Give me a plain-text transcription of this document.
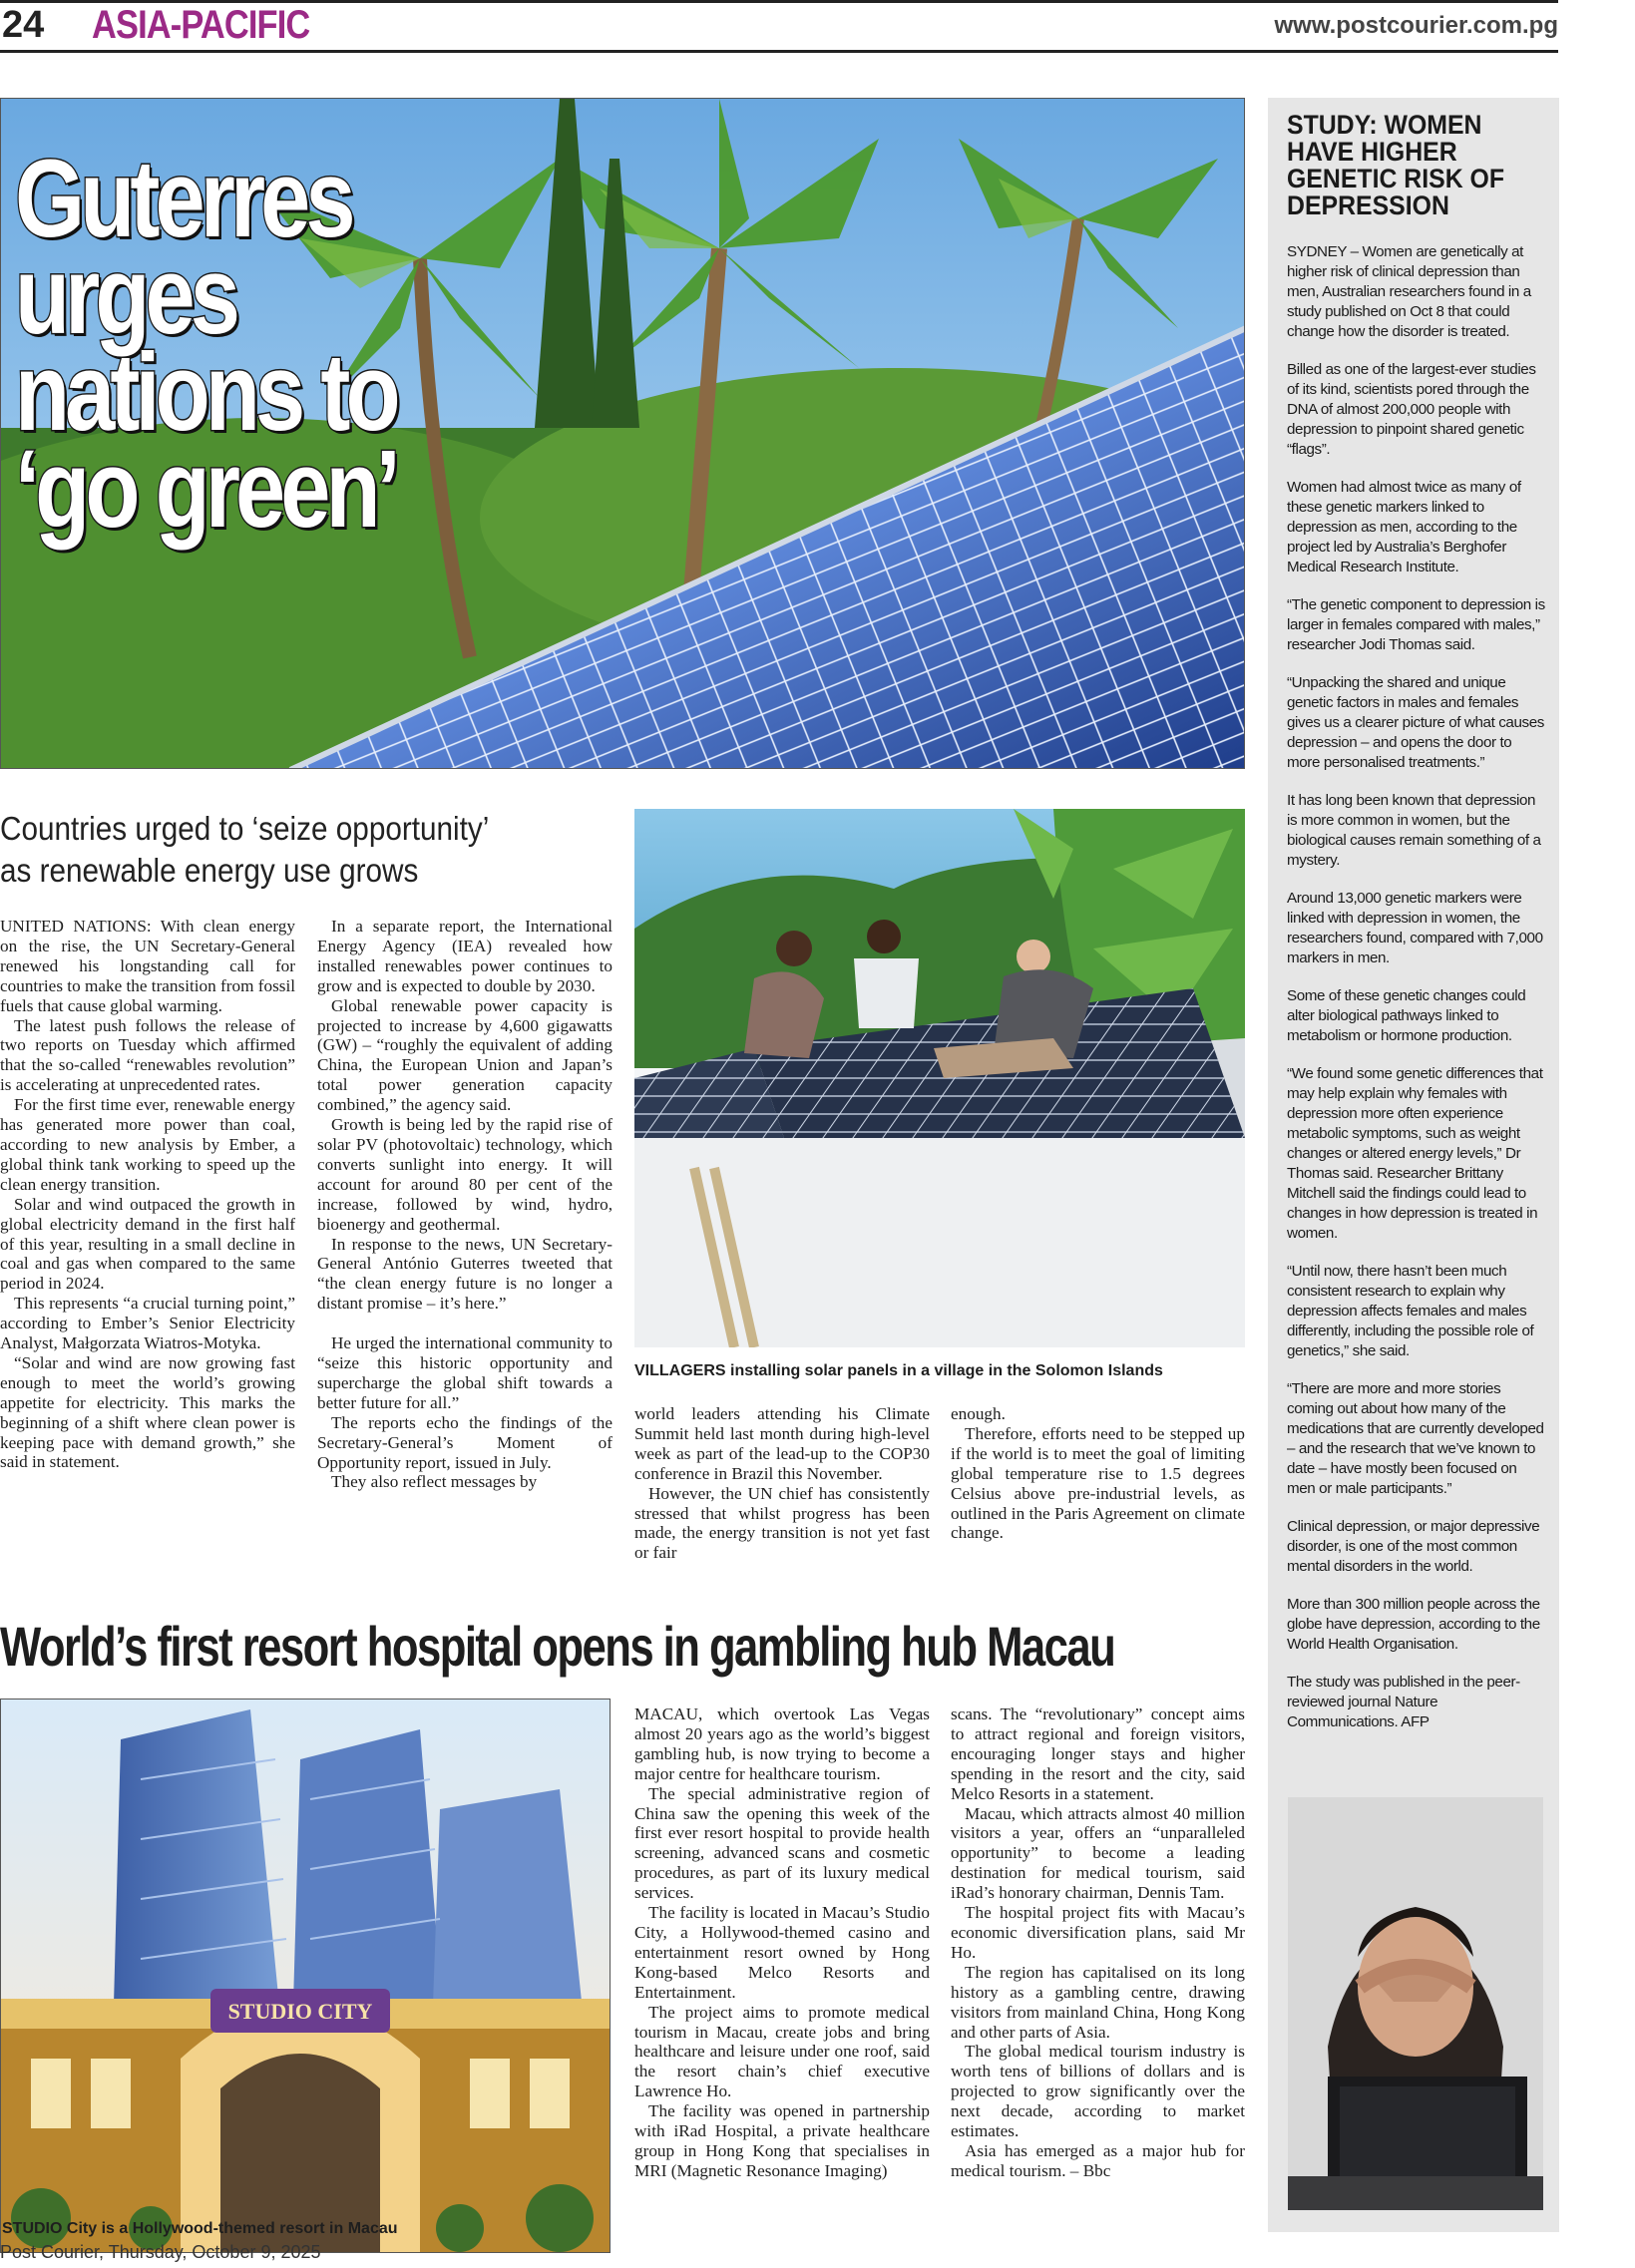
24 ASIA-PACIFIC	www.postcourier.com.pg
Guterres
urges
nations to
‘go green’
Countries urged to ‘seize opportunity’
as renewable energy use grows

UNITED NATIONS: With clean energy on the rise, the UN Secretary-General renewed his longstanding call for countries to make the transition from fossil fuels that cause global warming.

The latest push follows the release of two reports on Tuesday which affirmed that the so-called “renewables revolution” is accelerating at unprecedented rates.

For the first time ever, renewable energy has generated more power than coal, according to new analysis by Ember, a global think tank working to speed up the clean energy transition.

Solar and wind outpaced the growth in global electricity demand in the first half of this year, resulting in a small decline in coal and gas when compared to the same period in 2024.

This represents “a crucial turning point,” according to Ember’s Senior Electricity Analyst, Małgorzata Wiatros-Motyka.

“Solar and wind are now growing fast enough to meet the world’s growing appetite for electricity. This marks the beginning of a shift where clean power is keeping pace with demand growth,” she said in statement.

In a separate report, the International Energy Agency (IEA) revealed how installed renewables power continues to grow and is expected to double by 2030.

Global renewable power capacity is projected to increase by 4,600 gigawatts (GW) – “roughly the equivalent of adding China, the European Union and Japan’s total power generation capacity combined,” the agency said.

Growth is being led by the rapid rise of solar PV (photovoltaic) technology, which converts sunlight into energy. It will account for around 80 per cent of the increase, followed by wind, hydro, bioenergy and geothermal.

In response to the news, UN Secretary-General António Guterres tweeted that “the clean energy future is no longer a distant promise – it’s here.”

He urged the international community to “seize this historic opportunity and supercharge the global shift towards a better future for all.”

The reports echo the findings of the Secretary-General’s Moment of Opportunity report, issued in July.

They also reflect messages by

VILLAGERS installing solar panels in a village in the Solomon Islands

world leaders attending his Climate Summit held last month during high-level week as part of the lead-up to the COP30 conference in Brazil this November.

However, the UN chief has consistently stressed that whilst progress has been made, the energy transition is not yet fast or fair

enough.

Therefore, efforts need to be stepped up if the world is to meet the goal of limiting global temperature rise to 1.5 degrees Celsius above pre-industrial levels, as outlined in the Paris Agreement on climate change.

World’s first resort hospital opens in gambling hub Macau
STUDIO CITY
STUDIO City is a Hollywood-themed resort in Macau

MACAU, which overtook Las Vegas almost 20 years ago as the world’s biggest gambling hub, is now trying to become a major centre for healthcare tourism.

The special administrative region of China saw the opening this week of the first ever resort hospital to provide health screening, advanced scans and cosmetic procedures, as part of its luxury medical services.

The facility is located in Macau’s Studio City, a Hollywood-themed casino and entertainment resort owned by Hong Kong-based Melco Resorts and Entertainment.

The project aims to promote medical tourism in Macau, create jobs and bring healthcare and leisure under one roof, said the resort chain’s chief executive Lawrence Ho.

The facility was opened in partnership with iRad Hospital, a private healthcare group in Hong Kong that specialises in MRI (Magnetic Resonance Imaging)

scans. The “revolutionary” concept aims to attract regional and foreign visitors, encouraging longer stays and higher spending in the resort and the city, said Melco Resorts in a statement.

Macau, which attracts almost 40 million visitors a year, offers an “unparalleled opportunity” to become a leading destination for medical tourism, said iRad’s honorary chairman, Dennis Tam.

The hospital project fits with Macau’s economic diversification plans, said Mr Ho.

The region has capitalised on its long history as a gambling centre, drawing visitors from mainland China, Hong Kong and other parts of Asia.

The global medical tourism industry is worth tens of billions of dollars and is projected to grow significantly over the next decade, according to market estimates.

Asia has emerged as a major hub for medical tourism. – Bbc

Post Courier, Thursday, October 9, 2025
STUDY: WOMEN HAVE HIGHER GENETIC RISK OF DEPRESSION

SYDNEY – Women are genetically at higher risk of clinical depression than men, Australian researchers found in a study published on Oct 8 that could change how the disorder is treated.

Billed as one of the largest-ever studies of its kind, scientists pored through the DNA of almost 200,000 people with depression to pinpoint shared genetic “flags”.

Women had almost twice as many of these genetic markers linked to depression as men, according to the project led by Australia’s Berghofer Medical Research Institute.

“The genetic component to depression is larger in females compared with males,” researcher Jodi Thomas said.

“Unpacking the shared and unique genetic factors in males and females gives us a clearer picture of what causes depression – and opens the door to more personalised treatments.”

It has long been known that depression is more common in women, but the biological causes remain something of a mystery.

Around 13,000 genetic markers were linked with depression in women, the researchers found, compared with 7,000 markers in men.

Some of these genetic changes could alter biological pathways linked to metabolism or hormone production.

“We found some genetic differences that may help explain why females with depression more often experience metabolic symptoms, such as weight changes or altered energy levels,” Dr Thomas said. Researcher Brittany Mitchell said the findings could lead to changes in how depression is treated in women.

“Until now, there hasn’t been much consistent research to explain why depression affects females and males differently, including the possible role of genetics,” she said.

“There are more and more stories coming out about how many of the medications that are currently developed – and the research that we’ve known to date – have mostly been focused on men or male participants.”

Clinical depression, or major depressive disorder, is one of the most common mental disorders in the world.

More than 300 million people across the globe have depression, according to the World Health Organisation.

The study was published in the peer-reviewed journal Nature Communications. AFP
